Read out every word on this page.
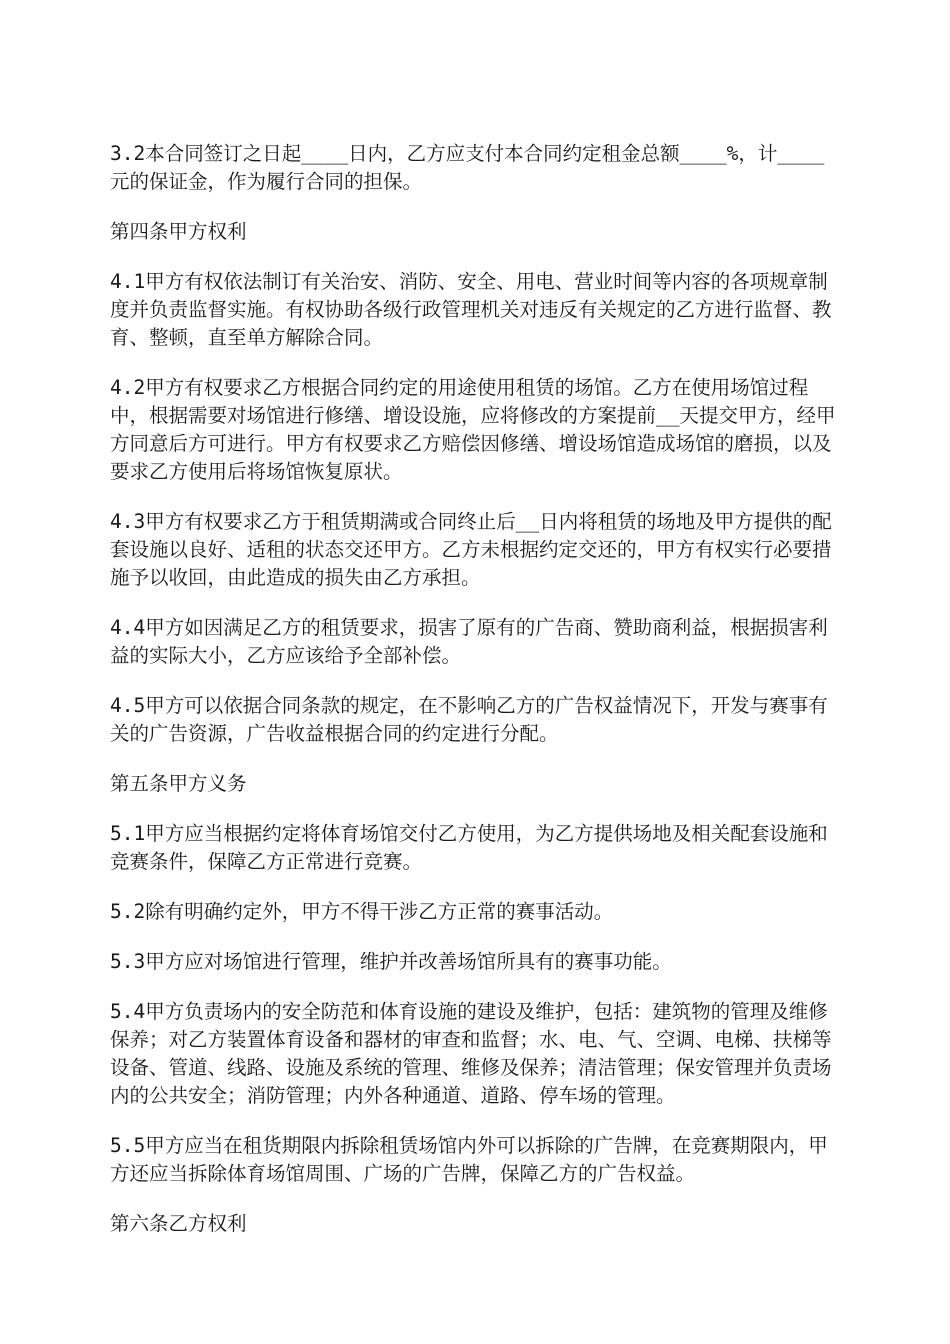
3.2本合同签订之日起____日内，乙方应支付本合同约定租金总额____%，计____元的保证金，作为履行合同的担保。

第四条甲方权利

4.1甲方有权依法制订有关治安、消防、安全、用电、营业时间等内容的各项规章制度并负责监督实施。有权协助各级行政管理机关对违反有关规定的乙方进行监督、教育、整顿，直至单方解除合同。

4.2甲方有权要求乙方根据合同约定的用途使用租赁的场馆。乙方在使用场馆过程中，根据需要对场馆进行修缮、增设设施，应将修改的方案提前__天提交甲方，经甲方同意后方可进行。甲方有权要求乙方赔偿因修缮、增设场馆造成场馆的磨损，以及要求乙方使用后将场馆恢复原状。

4.3甲方有权要求乙方于租赁期满或合同终止后__日内将租赁的场地及甲方提供的配套设施以良好、适租的状态交还甲方。乙方未根据约定交还的，甲方有权实行必要措施予以收回，由此造成的损失由乙方承担。

4.4甲方如因满足乙方的租赁要求，损害了原有的广告商、赞助商利益，根据损害利益的实际大小，乙方应该给予全部补偿。

4.5甲方可以依据合同条款的规定，在不影响乙方的广告权益情况下，开发与赛事有关的广告资源，广告收益根据合同的约定进行分配。

第五条甲方义务

5.1甲方应当根据约定将体育场馆交付乙方使用，为乙方提供场地及相关配套设施和竞赛条件，保障乙方正常进行竞赛。

5.2除有明确约定外，甲方不得干涉乙方正常的赛事活动。

5.3甲方应对场馆进行管理，维护并改善场馆所具有的赛事功能。

5.4甲方负责场内的安全防范和体育设施的建设及维护，包括：建筑物的管理及维修保养；对乙方装置体育设备和器材的审查和监督；水、电、气、空调、电梯、扶梯等设备、管道、线路、设施及系统的管理、维修及保养；清洁管理；保安管理并负责场内的公共安全；消防管理；内外各种通道、道路、停车场的管理。

5.5甲方应当在租货期限内拆除租赁场馆内外可以拆除的广告牌，在竞赛期限内，甲方还应当拆除体育场馆周围、广场的广告牌，保障乙方的广告权益。

第六条乙方权利
